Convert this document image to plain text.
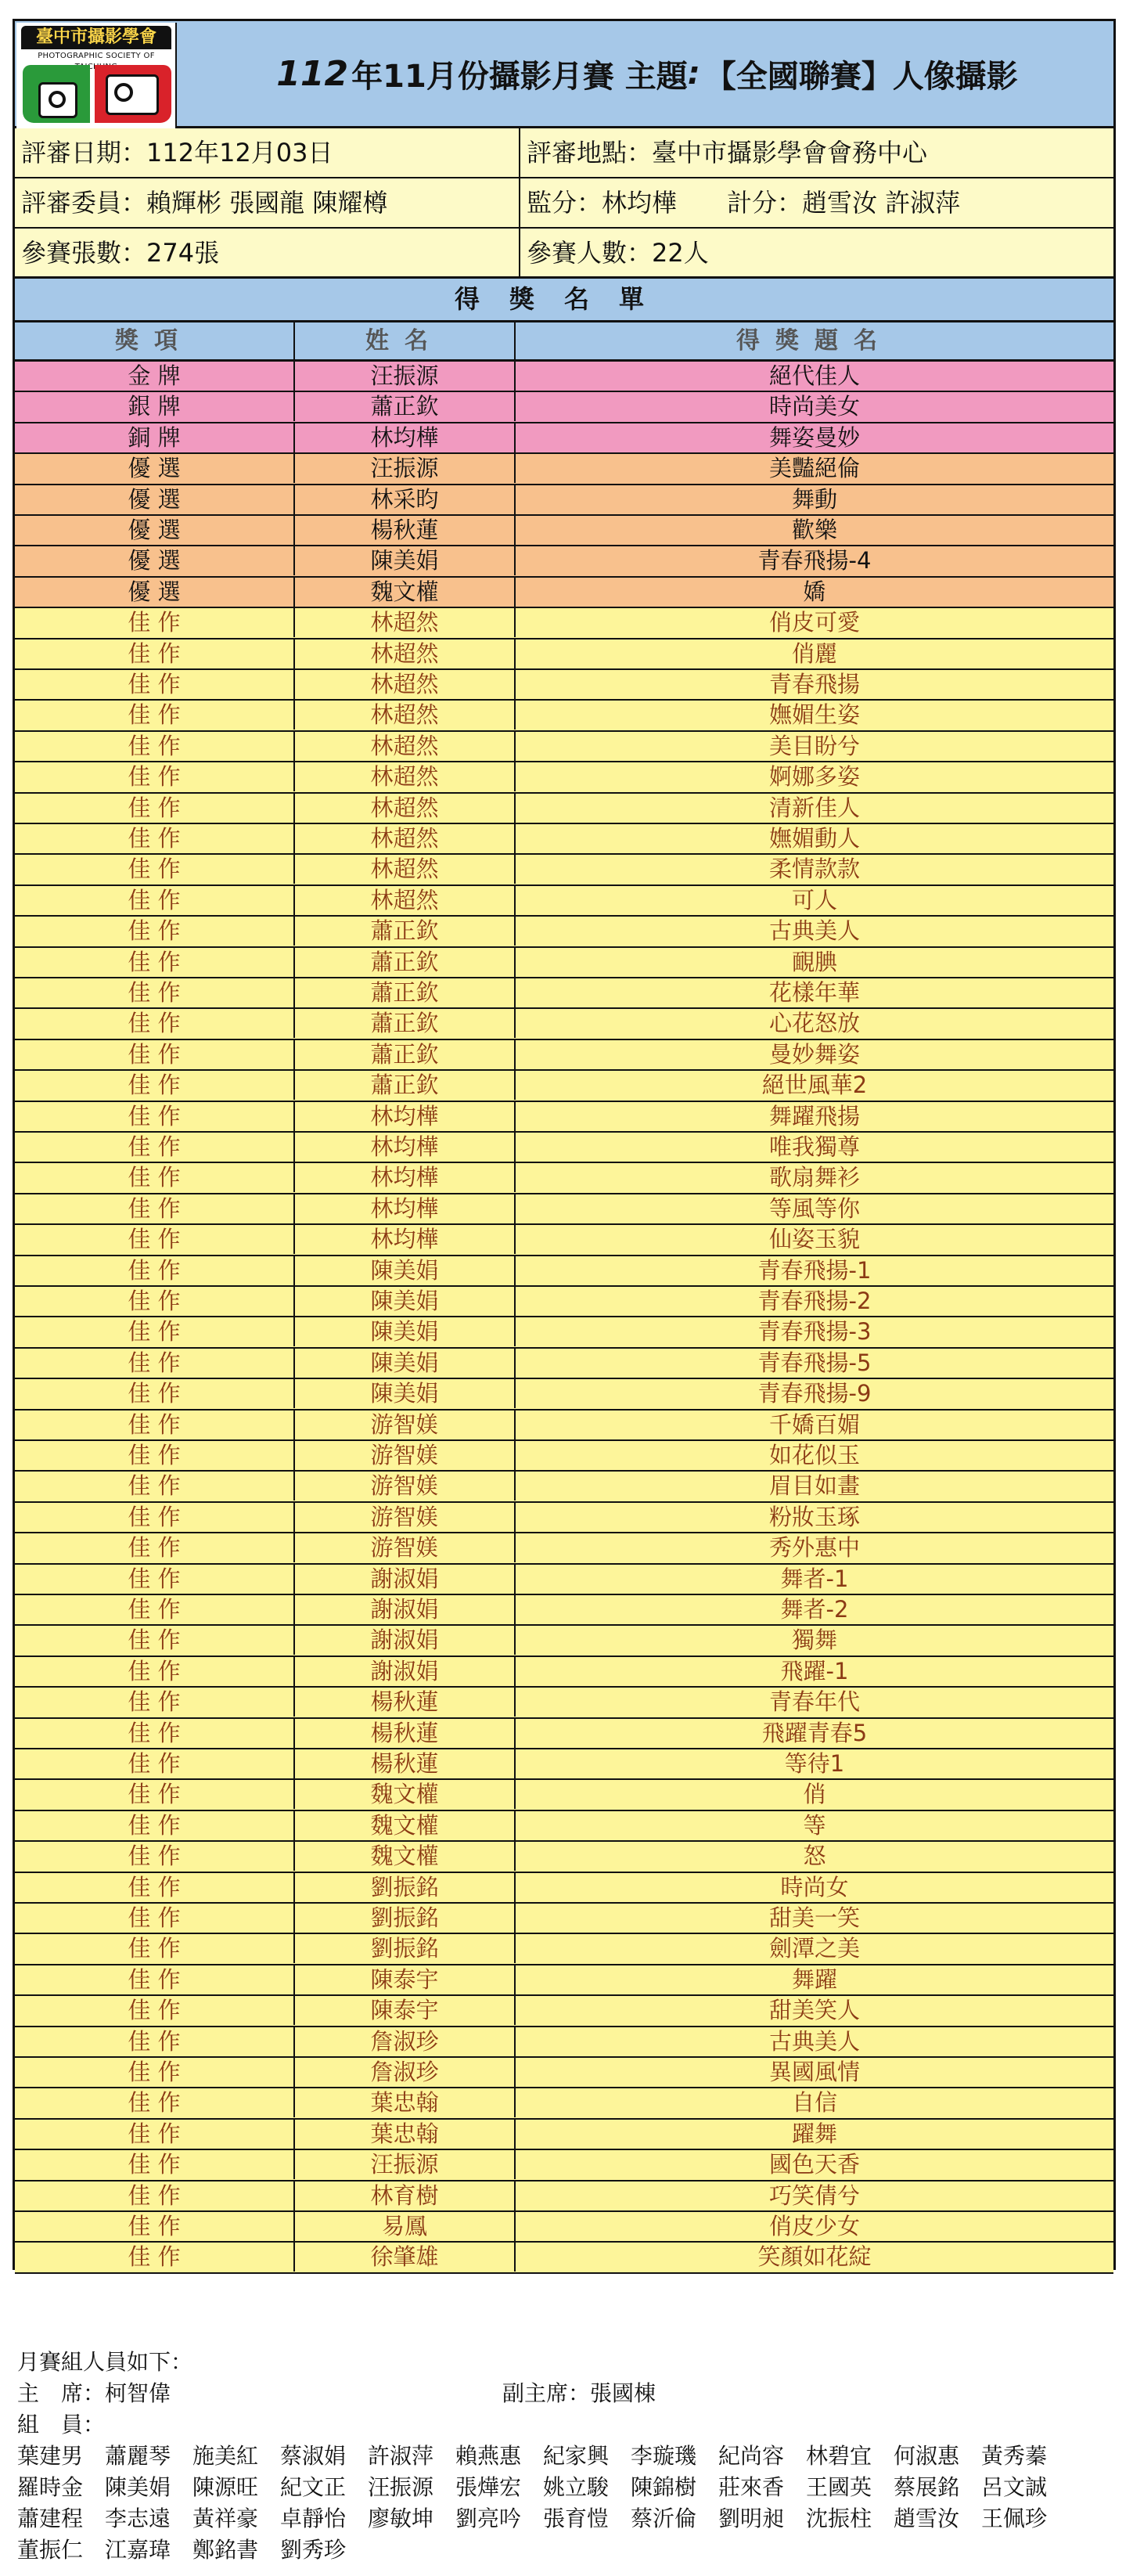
臺中市攝影學會
PHOTOGRAPHIC SOCIETY OF	112 年11月份攝影月賽 主題 : 【全國聯賽】人像攝影
評審日期：112年12月03日	評審地點：臺中市攝影學會會務中心
評審委員：賴輝彬 張國龍 陳耀樽	監分：林均樺　　計分：趙雪汝 許淑萍
參賽張數：274張	參賽人數：22人
得獎名單
獎項	姓名	得獎題名
金 牌	汪振源	絕代佳人
銀 牌	蕭正欽	時尚美女
銅 牌	林均樺	舞姿曼妙
優 選	汪振源	美豔絕倫
優 選	林采昀	舞動
優 選	楊秋蓮	歡樂
優 選	陳美娟	青春飛揚-4
優 選	魏文權	嬌
佳 作	林超然	俏皮可愛
佳 作	林超然	俏麗
佳 作	林超然	青春飛揚
佳 作	林超然	嫵媚生姿
佳 作	林超然	美目盼兮
佳 作	林超然	婀娜多姿
佳 作	林超然	清新佳人
佳 作	林超然	嫵媚動人
佳 作	林超然	柔情款款
佳 作	林超然	可人
佳 作	蕭正欽	古典美人
佳 作	蕭正欽	靦腆
佳 作	蕭正欽	花樣年華
佳 作	蕭正欽	心花怒放
佳 作	蕭正欽	曼妙舞姿
佳 作	蕭正欽	絕世風華2
佳 作	林均樺	舞躍飛揚
佳 作	林均樺	唯我獨尊
佳 作	林均樺	歌扇舞衫
佳 作	林均樺	等風等你
佳 作	林均樺	仙姿玉貌
佳 作	陳美娟	青春飛揚-1
佳 作	陳美娟	青春飛揚-2
佳 作	陳美娟	青春飛揚-3
佳 作	陳美娟	青春飛揚-5
佳 作	陳美娟	青春飛揚-9
佳 作	游智媄	千嬌百媚
佳 作	游智媄	如花似玉
佳 作	游智媄	眉目如畫
佳 作	游智媄	粉妝玉琢
佳 作	游智媄	秀外惠中
佳 作	謝淑娟	舞者-1
佳 作	謝淑娟	舞者-2
佳 作	謝淑娟	獨舞
佳 作	謝淑娟	飛躍-1
佳 作	楊秋蓮	青春年代
佳 作	楊秋蓮	飛躍青春5
佳 作	楊秋蓮	等待1
佳 作	魏文權	俏
佳 作	魏文權	等
佳 作	魏文權	怒
佳 作	劉振銘	時尚女
佳 作	劉振銘	甜美一笑
佳 作	劉振銘	劍潭之美
佳 作	陳泰宇	舞躍
佳 作	陳泰宇	甜美笑人
佳 作	詹淑珍	古典美人
佳 作	詹淑珍	異國風情
佳 作	葉忠翰	自信
佳 作	葉忠翰	躍舞
佳 作	汪振源	國色天香
佳 作	林育樹	巧笑倩兮
佳 作	易鳳	俏皮少女
佳 作	徐肇雄	笑顏如花綻
月賽組人員如下：
主　席：柯智偉	副主席：張國棟
組　員：
葉建男　蕭麗琴　施美紅　蔡淑娟　許淑萍　賴燕惠　紀家興　李璇璣　紀尚容　林碧宜　何淑惠　黃秀蓁
羅時金　陳美娟　陳源旺　紀文正　汪振源　張燁宏　姚立駿　陳錦樹　莊來香　王國英　蔡展銘　呂文誠
蕭建程　李志遠　黃祥豪　卓靜怡　廖敏坤　劉亮吟　張育愷　蔡沂倫　劉明昶　沈振柱　趙雪汝　王佩珍
董振仁　江嘉瑋　鄭銘書　劉秀珍
